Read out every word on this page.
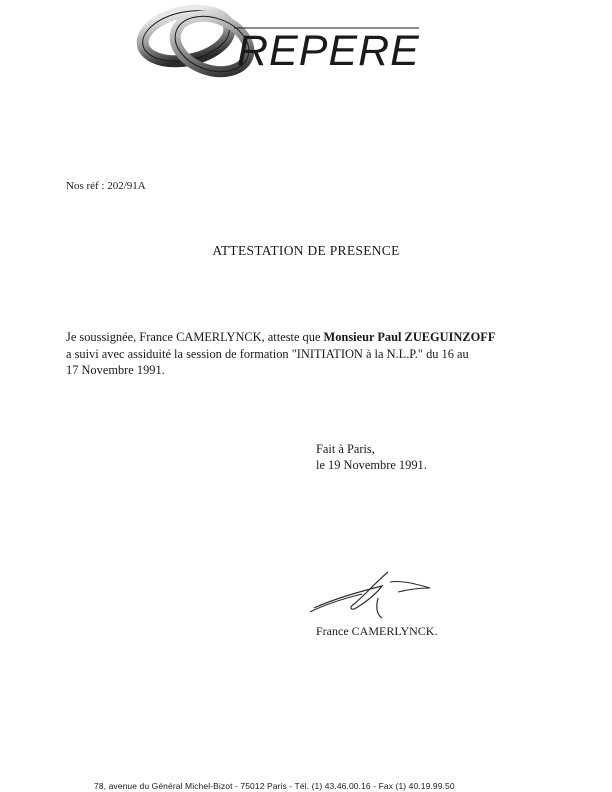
REPERE
Nos réf : 202/91A
ATTESTATION DE PRESENCE
Je soussignée, France CAMERLYNCK, atteste que Monsieur Paul ZUEGUINZOFF
a suivi avec assiduité la session de formation "INITIATION à la N.L.P." du 16 au
17 Novembre 1991.
Fait à Paris,
le 19 Novembre 1991.
France CAMERLYNCK.
78, avenue du Général Michel-Bizot - 75012 Paris - Tél. (1) 43.46.00.16 - Fax (1) 40.19.99.50
